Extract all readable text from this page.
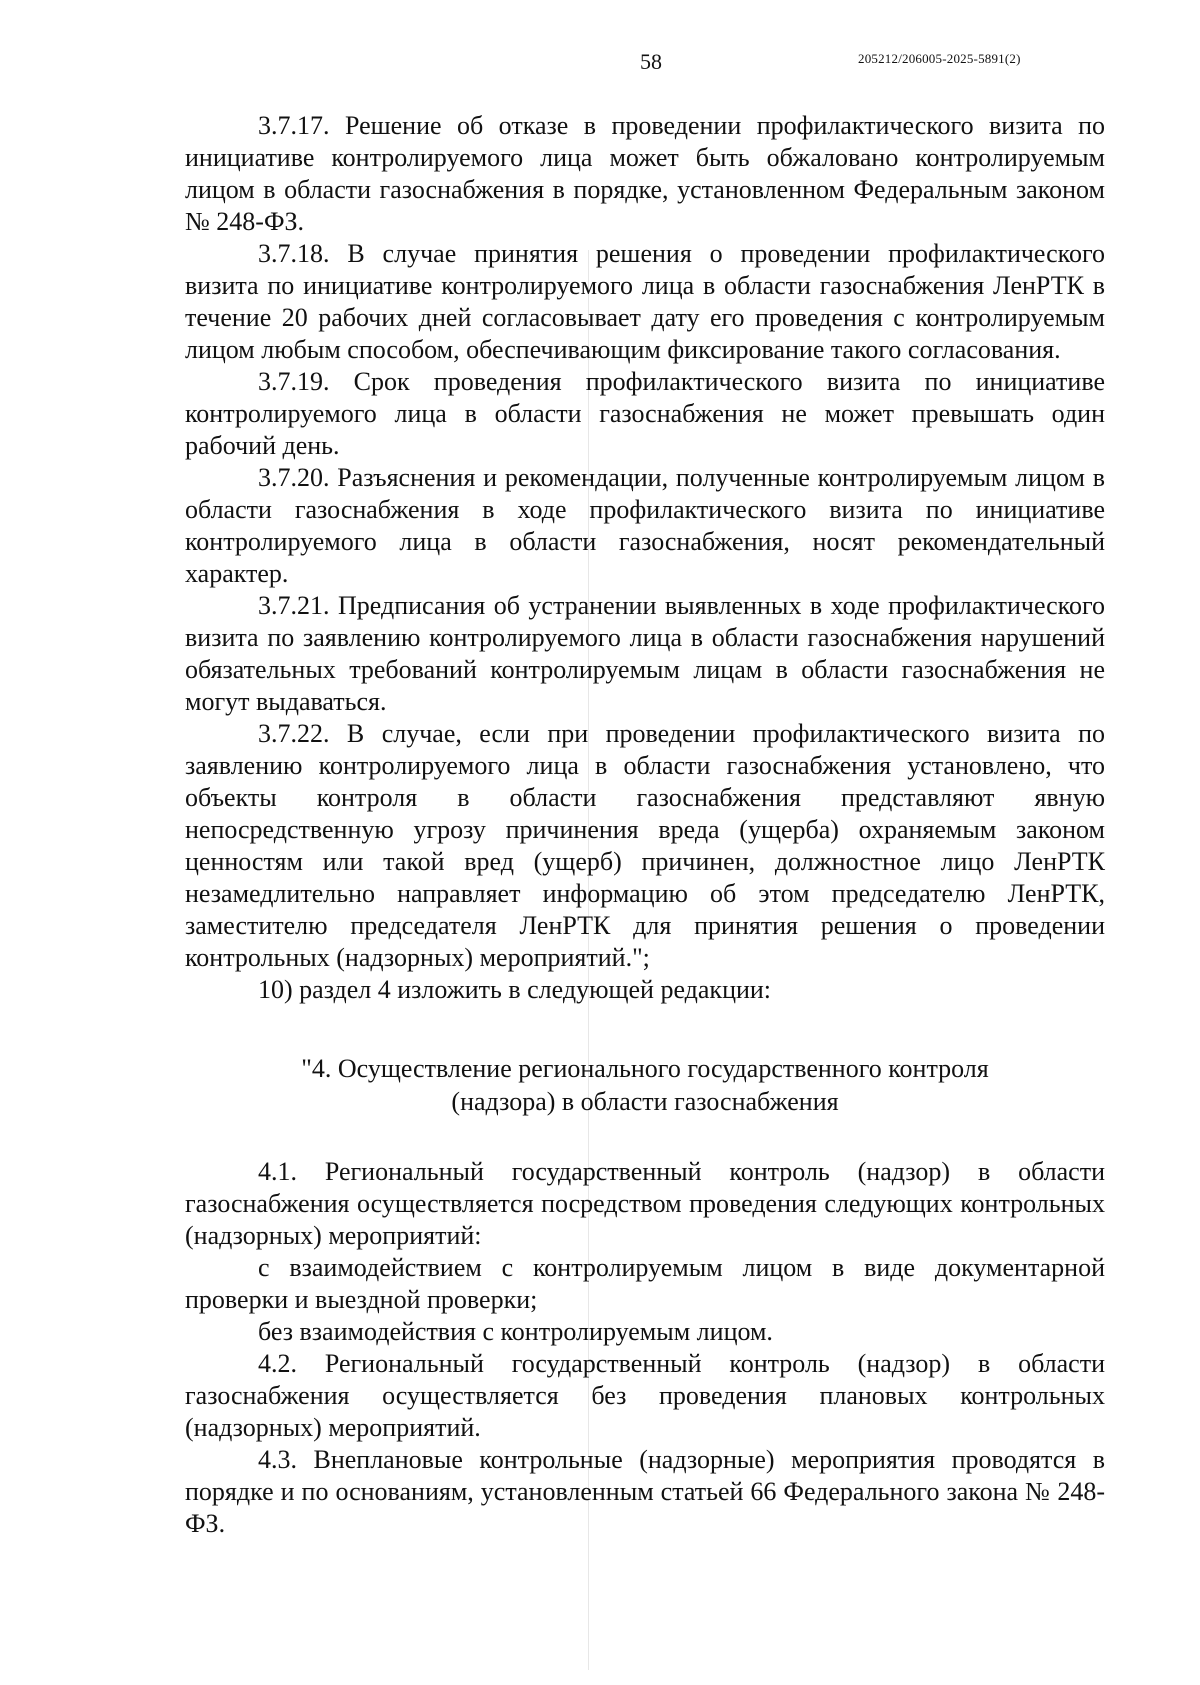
58	205212/206005-2025-5891(2)

3.7.17. Решение об отказе в проведении профилактического визита по инициативе контролируемого лица может быть обжаловано контролируемым лицом в области газоснабжения в порядке, установленном Федеральным законом № 248-ФЗ.

3.7.18. В случае принятия решения о проведении профилактического визита по инициативе контролируемого лица в области газоснабжения ЛенРТК в течение 20 рабочих дней согласовывает дату его проведения с контролируемым лицом любым способом, обеспечивающим фиксирование такого согласования.

3.7.19. Срок проведения профилактического визита по инициативе контролируемого лица в области газоснабжения не может превышать один рабочий день.

3.7.20. Разъяснения и рекомендации, полученные контролируемым лицом в области газоснабжения в ходе профилактического визита по инициативе контролируемого лица в области газоснабжения, носят рекомендательный характер.

3.7.21. Предписания об устранении выявленных в ходе профилактического визита по заявлению контролируемого лица в области газоснабжения нарушений обязательных требований контролируемым лицам в области газоснабжения не могут выдаваться.

3.7.22. В случае, если при проведении профилактического визита по заявлению контролируемого лица в области газоснабжения установлено, что объекты контроля в области газоснабжения представляют явную непосредственную угрозу причинения вреда (ущерба) охраняемым законом ценностям или такой вред (ущерб) причинен, должностное лицо ЛенРТК незамедлительно направляет информацию об этом председателю ЛенРТК, заместителю председателя ЛенРТК для принятия решения о проведении контрольных (надзорных) мероприятий.";

10) раздел 4 изложить в следующей редакции:

"4. Осуществление регионального государственного контроля
(надзора) в области газоснабжения

4.1. Региональный государственный контроль (надзор) в области газоснабжения осуществляется посредством проведения следующих контрольных (надзорных) мероприятий:

с взаимодействием с контролируемым лицом в виде документарной проверки и выездной проверки;

без взаимодействия с контролируемым лицом.

4.2. Региональный государственный контроль (надзор) в области газоснабжения осуществляется без проведения плановых контрольных (надзорных) мероприятий.

4.3. Внеплановые контрольные (надзорные) мероприятия проводятся в порядке и по основаниям, установленным статьей 66 Федерального закона № 248-ФЗ.
